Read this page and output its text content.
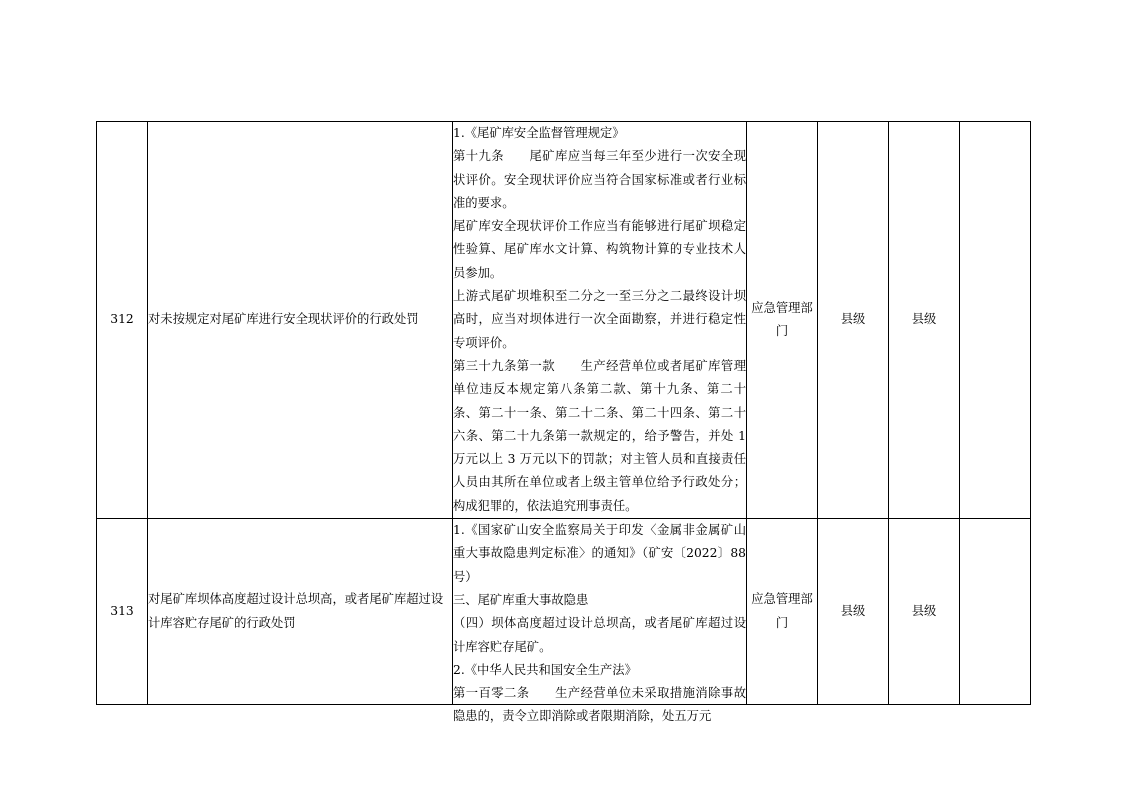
312	对未按规定对尾矿库进行安全现状评价的行政处罚	1.《尾矿库安全监督管理规定》
第十九条　　尾矿库应当每三年至少进行一次安全现状评价。安全现状评价应当符合国家标准或者行业标准的要求。
尾矿库安全现状评价工作应当有能够进行尾矿坝稳定性验算、尾矿库水文计算、构筑物计算的专业技术人员参加。
上游式尾矿坝堆积至二分之一至三分之二最终设计坝高时，应当对坝体进行一次全面勘察，并进行稳定性专项评价。
第三十九条第一款　　生产经营单位或者尾矿库管理单位违反本规定第八条第二款、第十九条、第二十条、第二十一条、第二十二条、第二十四条、第二十六条、第二十九条第一款规定的，给予警告，并处 1 万元以上 3 万元以下的罚款；对主管人员和直接责任人员由其所在单位或者上级主管单位给予行政处分；构成犯罪的，依法追究刑事责任。	应急管理部门	县级	县级	
313	对尾矿库坝体高度超过设计总坝高，或者尾矿库超过设计库容贮存尾矿的行政处罚	1.《国家矿山安全监察局关于印发〈金属非金属矿山重大事故隐患判定标准〉的通知》（矿安〔2022〕88 号）
三、尾矿库重大事故隐患
（四）坝体高度超过设计总坝高，或者尾矿库超过设计库容贮存尾矿。
2.《中华人民共和国安全生产法》
第一百零二条　　生产经营单位未采取措施消除事故隐患的，责令立即消除或者限期消除，处五万元	应急管理部门	县级	县级	
